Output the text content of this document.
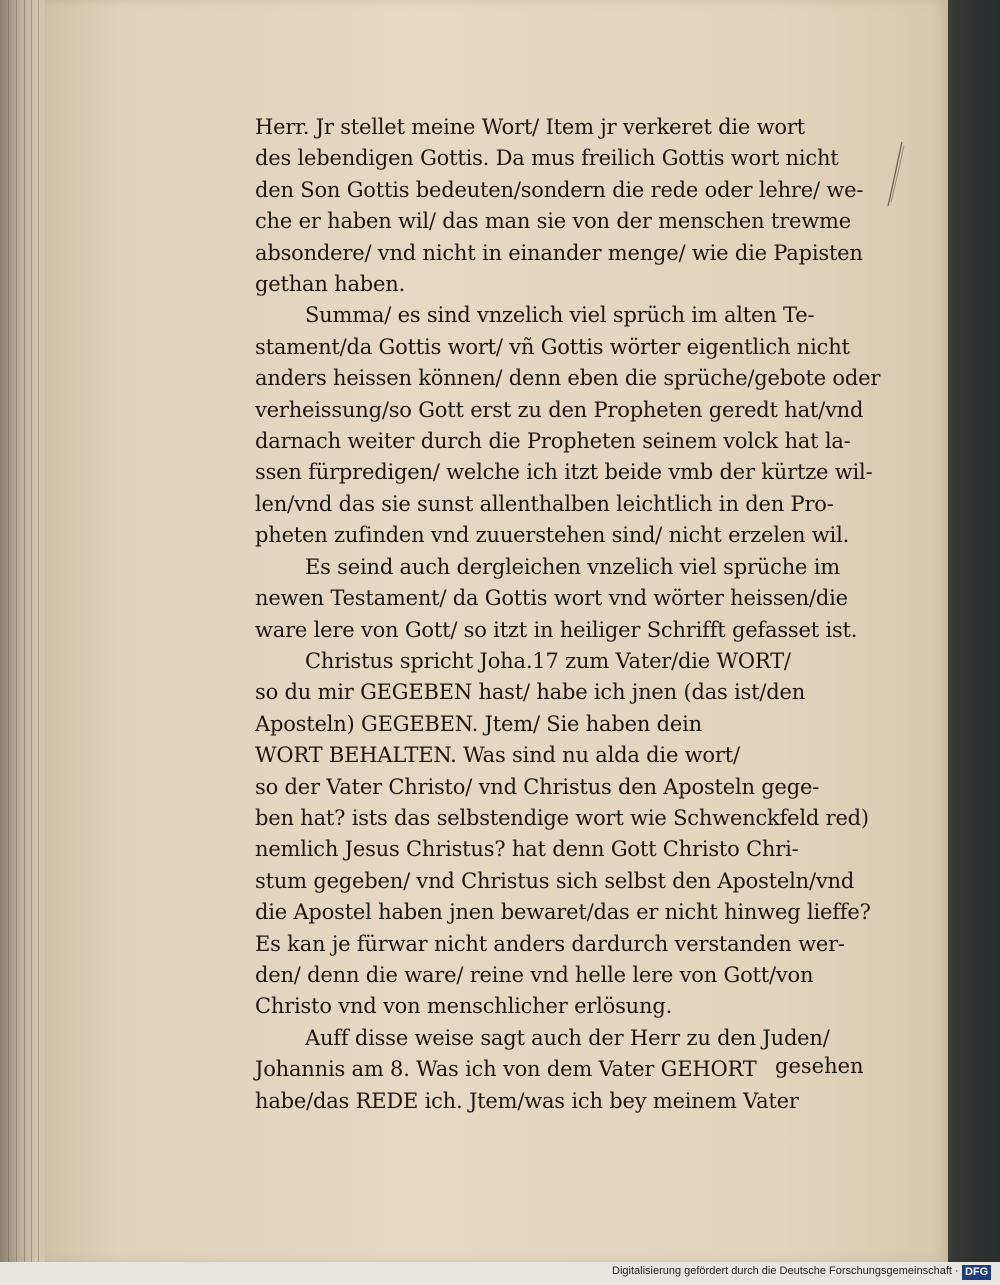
Herr. Jr stellet meine Wort/ Item jr verkeret die wort
des lebendigen Gottis. Da mus freilich Gottis wort nicht
den Son Gottis bedeuten/sondern die rede oder lehre/ we-
che er haben wil/ das man sie von der menschen trewme
absondere/ vnd nicht in einander menge/ wie die Papisten
gethan haben.
Summa/ es sind vnzelich viel sprüch im alten Te-
stament/da Gottis wort/ vñ Gottis wörter eigentlich nicht
anders heissen können/ denn eben die sprüche/gebote oder
verheissung/so Gott erst zu den Propheten geredt hat/vnd
darnach weiter durch die Propheten seinem volck hat la-
ssen fürpredigen/ welche ich itzt beide vmb der kürtze wil-
len/vnd das sie sunst allenthalben leichtlich in den Pro-
pheten zufinden vnd zuuerstehen sind/ nicht erzelen wil.
Es seind auch dergleichen vnzelich viel sprüche im
newen Testament/ da Gottis wort vnd wörter heissen/die
ware lere von Gott/ so itzt in heiliger Schrifft gefasset ist.
Christus spricht Joha.17 zum Vater/die WORT/
so du mir GEGEBEN hast/ habe ich jnen (das ist/den
Aposteln) GEGEBEN. Jtem/ Sie haben dein
WORT BEHALTEN. Was sind nu alda die wort/
so der Vater Christo/ vnd Christus den Aposteln gege-
ben hat? ists das selbstendige wort wie Schwenckfeld red)
nemlich Jesus Christus? hat denn Gott Christo Chri-
stum gegeben/ vnd Christus sich selbst den Aposteln/vnd
die Apostel haben jnen bewaret/das er nicht hinweg lieffe?
Es kan je fürwar nicht anders dardurch verstanden wer-
den/ denn die ware/ reine vnd helle lere von Gott/von
Christo vnd von menschlicher erlösung.
Auff disse weise sagt auch der Herr zu den Juden/
Johannis am 8. Was ich von dem Vater GEHORT
habe/das REDE ich. Jtem/was ich bey meinem Vater
gesehen
Digitalisierung gefördert durch die Deutsche Forschungsgemeinschaft · DFG
